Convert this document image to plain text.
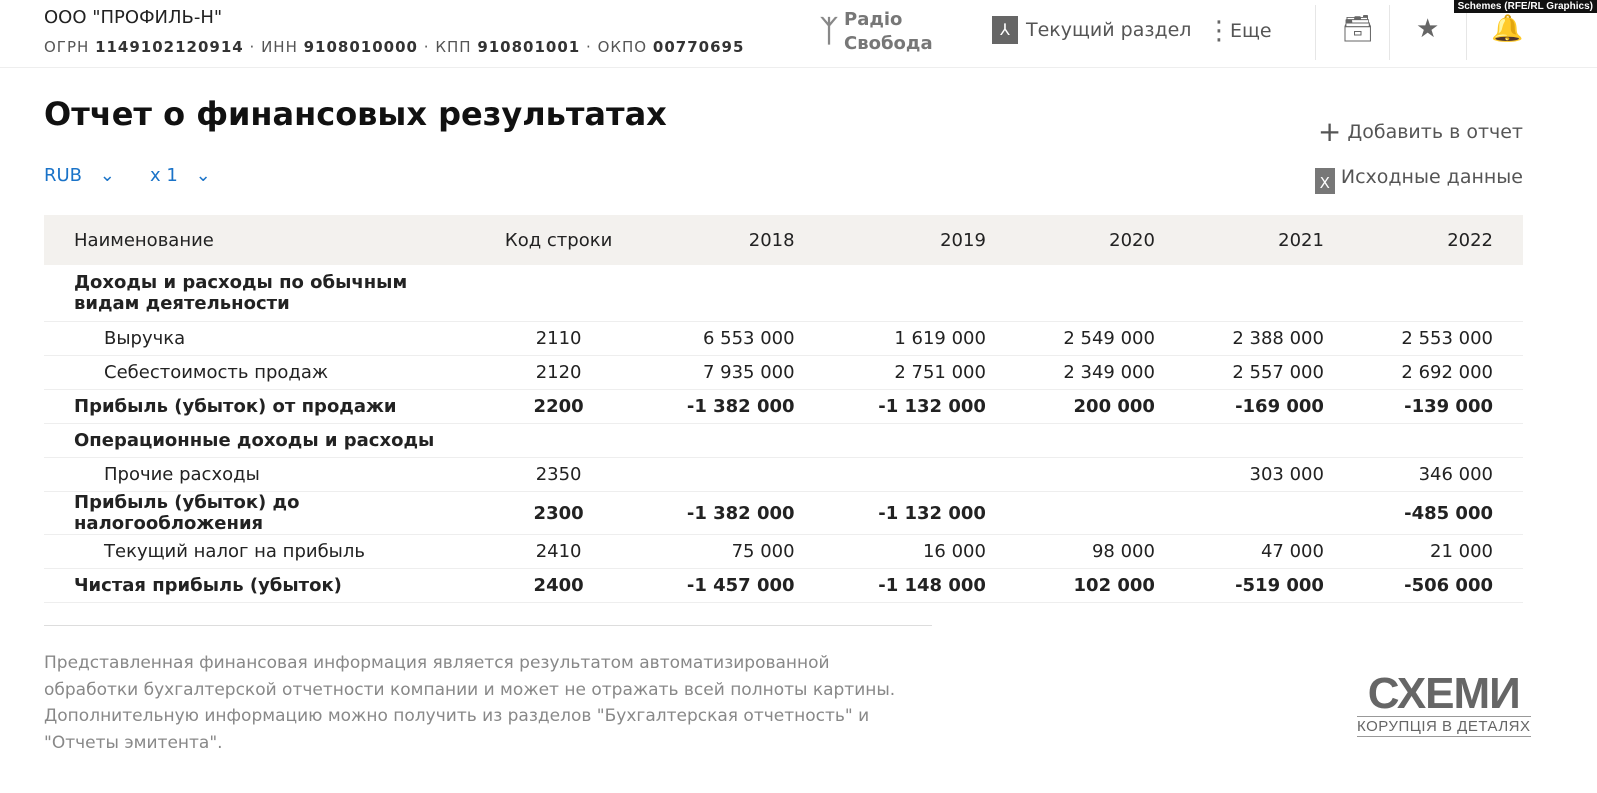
ООО "ПРОФИЛЬ-Н"
ОГРН 1149102120914 · ИНН 9108010000 · КПП 910801001 · ОКПО 00770695	ᛉ Радіо
Свобода
⅄ Текущий раздел ⋮
Еще	🗃 ★ 🔔
Schemes (RFE/RL Graphics)
Отчет о финансовых результатах	+ Добавить в отчет
X Исходные данные
RUB ⌄ x 1 ⌄
Наименование	Код строки	2018	2019	2020	2021	2022
Доходы и расходы по обычным видам деятельности						
Выручка	2110	6 553 000	1 619 000	2 549 000	2 388 000	2 553 000
Себестоимость продаж	2120	7 935 000	2 751 000	2 349 000	2 557 000	2 692 000
Прибыль (убыток) от продажи	2200	-1 382 000	-1 132 000	200 000	-169 000	-139 000
Операционные доходы и расходы						
Прочие расходы	2350				303 000	346 000
Прибыль (убыток) до налогообложения	2300	-1 382 000	-1 132 000			-485 000
Текущий налог на прибыль	2410	75 000	16 000	98 000	47 000	21 000
Чистая прибыль (убыток)	2400	-1 457 000	-1 148 000	102 000	-519 000	-506 000
Представленная финансовая информация является результатом автоматизированной обработки бухгалтерской отчетности компании и может не отражать всей полноты картины. Дополнительную информацию можно получить из разделов "Бухгалтерская отчетность" и "Отчеты эмитента".
СХЕМИ
КОРУПЦІЯ В ДЕТАЛЯХ
